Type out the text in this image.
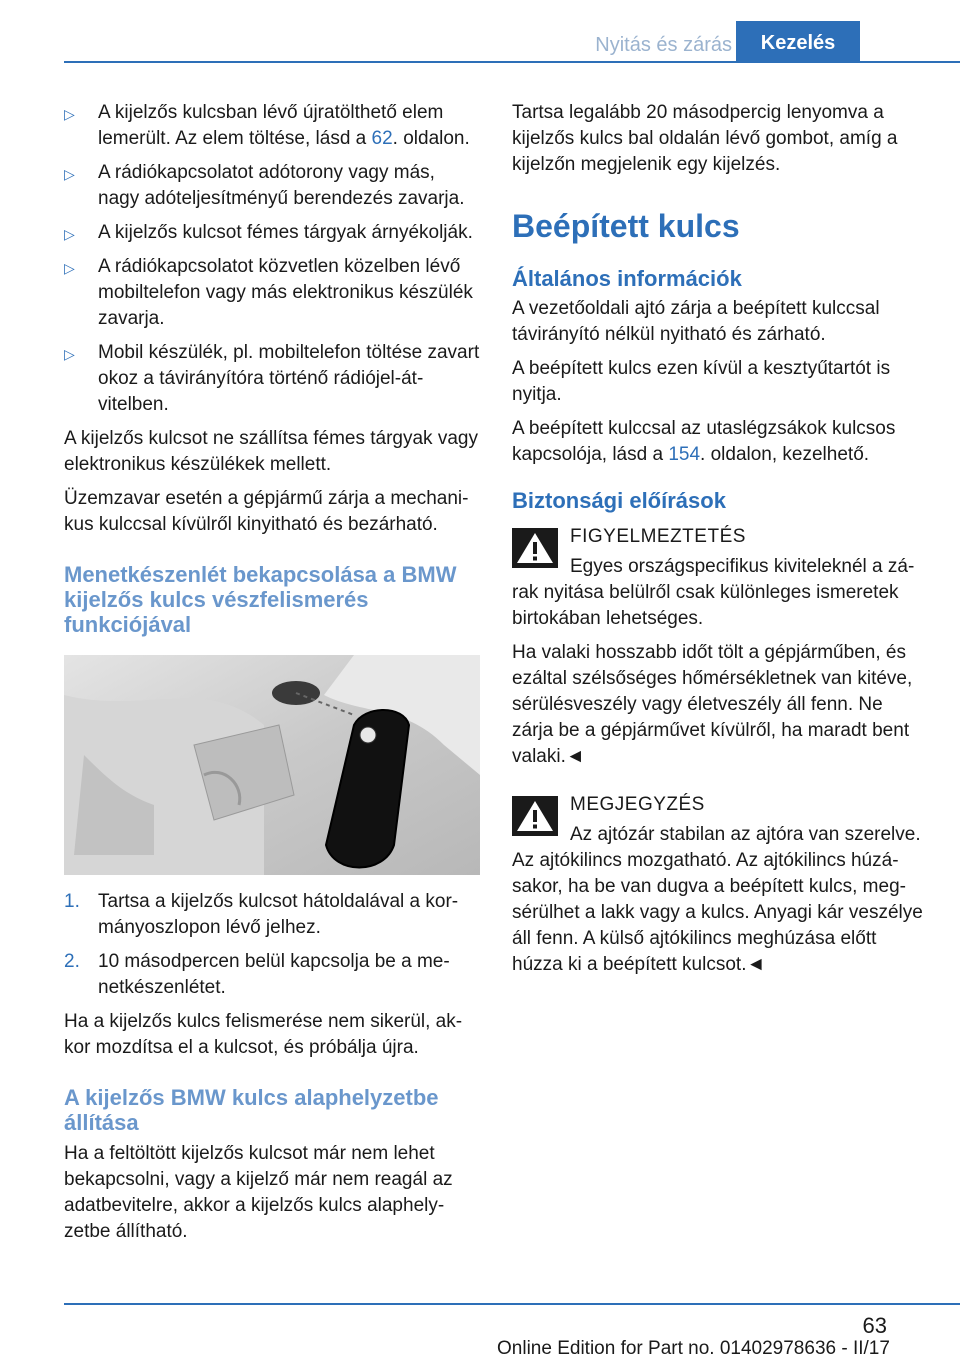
Nyitás és zárás	Kezelés
▷ A kijelzős kulcsban lévő újratölthető elem lemerült. Az elem töltése, lásd a 62. oldalon.
▷ A rádiókapcsolatot adótorony vagy más, nagy adóteljesítményű berendezés zavarja.
▷ A kijelzős kulcsot fémes tárgyak árnyékolják.
▷ A rádiókapcsolatot közvetlen közelben lévő mobiltelefon vagy más elektronikus készülék zavarja.
▷ Mobil készülék, pl. mobiltelefon töltése zavart okoz a távirányítóra történő rádiójel-átvitelben.

A kijelzős kulcsot ne szállítsa fémes tárgyak vagy elektronikus készülékek mellett.

Üzemzavar esetén a gépjármű zárja a mechanikus kulccsal kívülről kinyitható és bezárható.

Menetkészenlét bekapcsolása a BMW kijelzős kulcs vészfelismerés funkciójával
1. Tartsa a kijelzős kulcsot hátoldalával a kormányoszlopon lévő jelhez.
2. 10 másodpercen belül kapcsolja be a menetkészenlétet.

Ha a kijelzős kulcs felismerése nem sikerül, akkor mozdítsa el a kulcsot, és próbálja újra.

A kijelzős BMW kulcs alaphelyzetbe állítása

Ha a feltöltött kijelzős kulcsot már nem lehet bekapcsolni, vagy a kijelző már nem reagál az adatbevitelre, akkor a kijelzős kulcs alaphelyzetbe állítható.

Tartsa legalább 20 másodpercig lenyomva a kijelzős kulcs bal oldalán lévő gombot, amíg a kijelzőn megjelenik egy kijelzés.

Beépített kulcs
Általános információk

A vezetőoldali ajtó zárja a beépített kulccsal távirányító nélkül nyitható és zárható.

A beépített kulcs ezen kívül a kesztyűtartót is nyitja.

A beépített kulccsal az utaslégzsákok kulcsos kapcsolója, lásd a 154. oldalon, kezelhető.

Biztonsági előírások
FIGYELMEZTETÉS

Egyes országspecifikus kiviteleknél a zárak nyitása belülről csak különleges ismeretek birtokában lehetséges.

Ha valaki hosszabb időt tölt a gépjárműben, és ezáltal szélsőséges hőmérsékletnek van kitéve, sérülésveszély vagy életveszély áll fenn. Ne zárja be a gépjárművet kívülről, ha maradt bent valaki.◄

MEGJEGYZÉS

Az ajtózár stabilan az ajtóra van szerelve. Az ajtókilincs mozgatható. Az ajtókilincs húzásakor, ha be van dugva a beépített kulcs, megsérülhet a lakk vagy a kulcs. Anyagi kár veszélye áll fenn. A külső ajtókilincs meghúzása előtt húzza ki a beépített kulcsot.◄

63
Online Edition for Part no. 01402978636 - II/17
